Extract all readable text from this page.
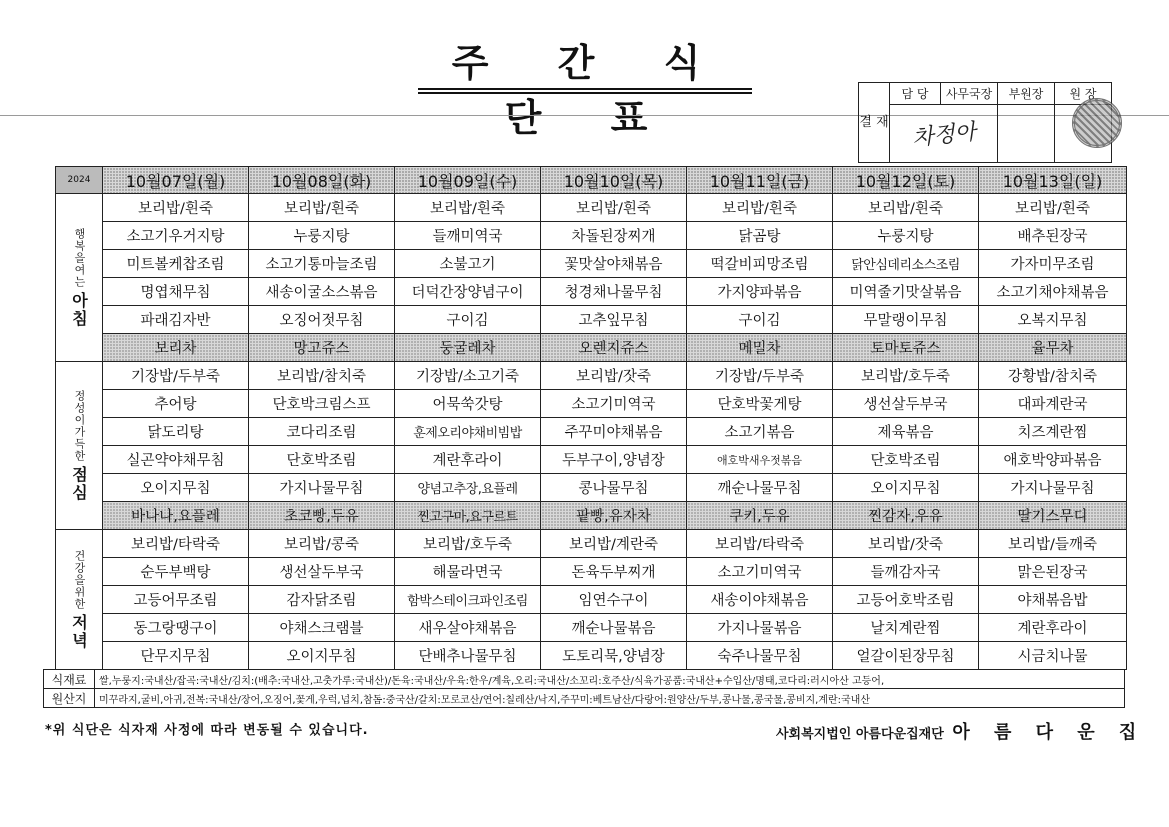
주 간 식 단 표	결 재	담 당	사무국장	부원장	원 장
	차정아			
2024	10월07일(월)	10월08일(화)	10월09일(수)	10월10일(목)	10월11일(금)	10월12일(토)	10월13일(일)

행복을여는
아침	보리밥/흰죽	보리밥/흰죽	보리밥/흰죽	보리밥/흰죽	보리밥/흰죽	보리밥/흰죽	보리밥/흰죽
	소고기우거지탕	누룽지탕	들깨미역국	차돌된장찌개	닭곰탕	누룽지탕	배추된장국
	미트볼케찹조림	소고기통마늘조림	소불고기	꽃맛살야채볶음	떡갈비피망조림	닭안심데리소스조림	가자미무조림
	명엽채무침	새송이굴소스볶음	더덕간장양념구이	청경채나물무침	가지양파볶음	미역줄기맛살볶음	소고기채야채볶음
	파래김자반	오징어젓무침	구이김	고추잎무침	구이김	무말랭이무침	오복지무침
	보리차	망고쥬스	둥굴레차	오렌지쥬스	메밀차	토마토쥬스	율무차

정성이가득한
점심	기장밥/두부죽	보리밥/참치죽	기장밥/소고기죽	보리밥/잣죽	기장밥/두부죽	보리밥/호두죽	강황밥/참치죽
	추어탕	단호박크림스프	어묵쑥갓탕	소고기미역국	단호박꽃게탕	생선살두부국	대파계란국
	닭도리탕	코다리조림	훈제오리야채비빔밥	주꾸미야채볶음	소고기볶음	제육볶음	치즈계란찜
	실곤약야채무침	단호박조림	계란후라이	두부구이,양념장	애호박새우젓볶음	단호박조림	애호박양파볶음
	오이지무침	가지나물무침	양념고추장,요플레	콩나물무침	깨순나물무침	오이지무침	가지나물무침
	바나나,요플레	초코빵,두유	찐고구마,요구르트	팥빵,유자차	쿠키,두유	찐감자,우유	딸기스무디

건강을위한
저녁	보리밥/타락죽	보리밥/콩죽	보리밥/호두죽	보리밥/계란죽	보리밥/타락죽	보리밥/잣죽	보리밥/들깨죽
	순두부백탕	생선살두부국	해물라면국	돈육두부찌개	소고기미역국	들깨감자국	맑은된장국
	고등어무조림	감자닭조림	함박스테이크파인조림	임연수구이	새송이야채볶음	고등어호박조림	야채볶음밥
	동그랑땡구이	야채스크램블	새우살야채볶음	깨순나물볶음	가지나물볶음	날치계란찜	계란후라이
	단무지무침	오이지무침	단배추나물무침	도토리묵,양념장	숙주나물무침	얼갈이된장무침	시금치나물
식재료	쌀,누룽지:국내산/잡곡:국내산/김치:(배추:국내산,고춧가루:국내산)/돈육:국내산/우육:한우/계육,오리:국내산/소꼬리:호주산/식육가공품:국내산+수입산/명태,코다리:러시아산 고등어,
원산지	미꾸라지,굴비,아귀,전복:국내산/장어,오징어,꽃게,우럭,넙치,참돔:중국산/갈치:모로코산/연어:칠레산/낙지,주꾸미:베트남산/다랑어:원양산/두부,콩나물,콩국물,콩비지,계란:국내산
*위 식단은 식자재 사정에 따라 변동될 수 있습니다.	사회복지법인 아름다운집재단 아 름 다 운 집
